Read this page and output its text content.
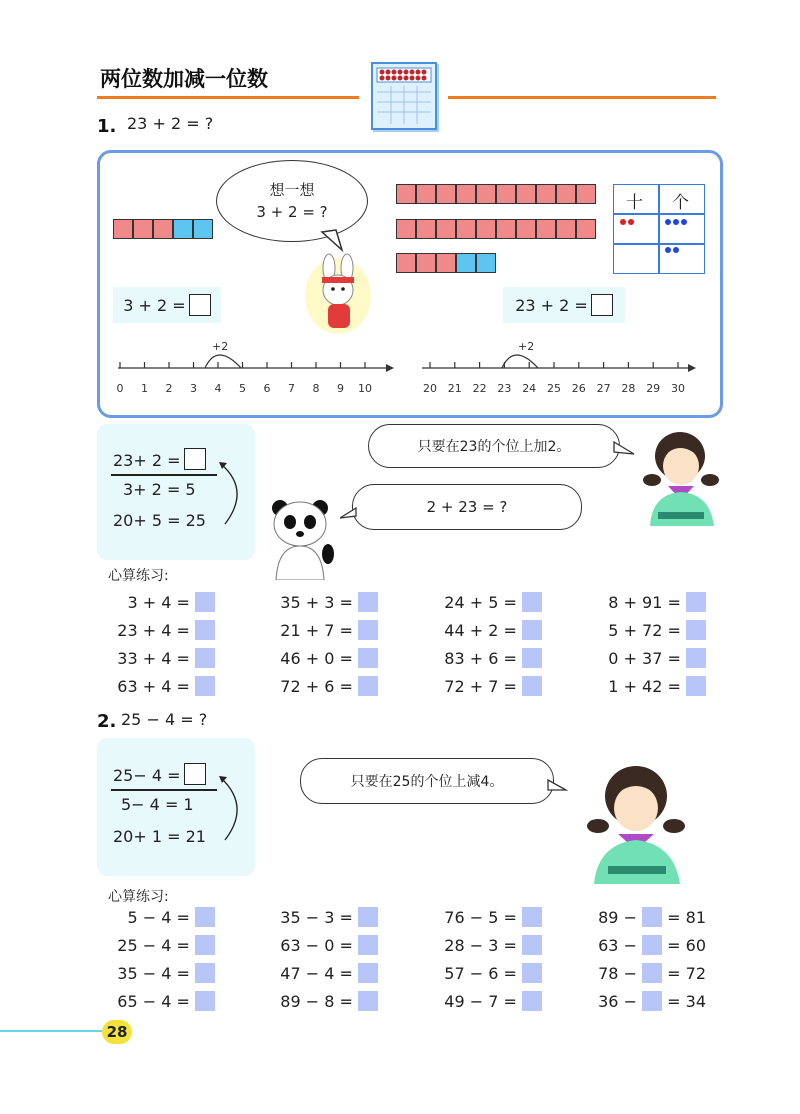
两位数加减一位数
1. 23 + 2 = ?
想一想
3 + 2 = ?	十 个
3 + 2 =	23 + 2 =
+2
0 1 2 3 4 5 6 7 8 9 10
+2
20 21 22 23 24 25 26 27 28 29 30
23+ 2 =
3+ 2 = 5
20+ 5 = 25
只要在23的个位上加2。
2 + 23 = ?
心算练习:
3 + 4 =	35 + 3 =	24 + 5 =	8 + 91 =
23 + 4 =	21 + 7 =	44 + 2 =	5 + 72 =
33 + 4 =	46 + 0 =	83 + 6 =	0 + 37 =
63 + 4 =	72 + 6 =	72 + 7 =	1 + 42 =
2. 25 − 4 = ?
25− 4 =
5− 4 = 1
20+ 1 = 21
只要在25的个位上减4。
心算练习:
5 − 4 =	35 − 3 =	76 − 5 =	89 −  = 81
25 − 4 =	63 − 0 =	28 − 3 =	63 −  = 60
35 − 4 =	47 − 4 =	57 − 6 =	78 −  = 72
65 − 4 =	89 − 8 =	49 − 7 =	36 −  = 34
28
